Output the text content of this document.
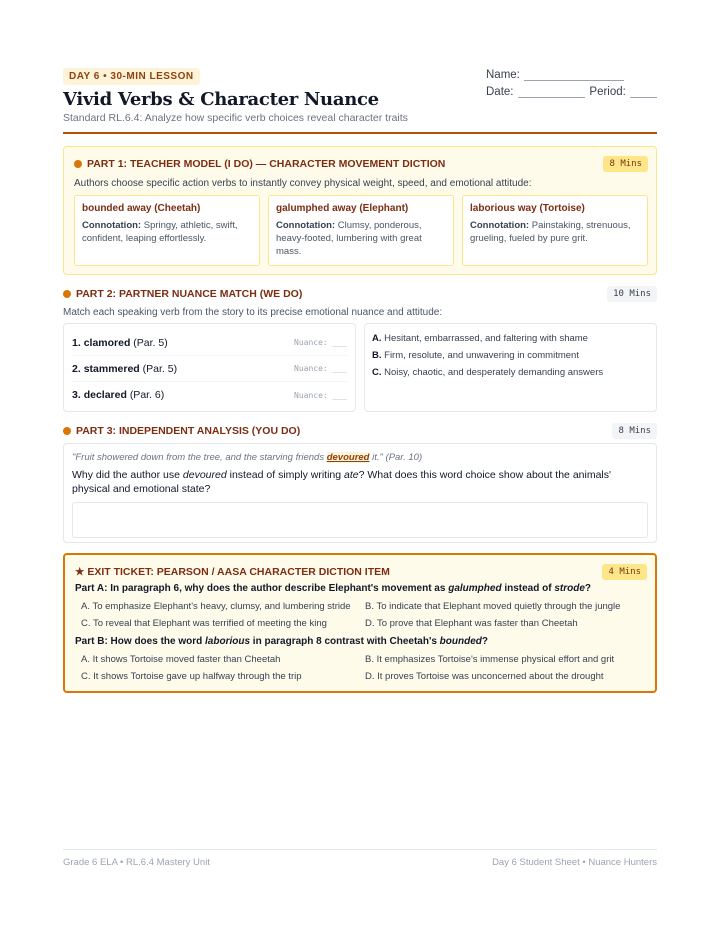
DAY 6 • 30-MIN LESSON
Vivid Verbs & Character Nuance
Standard RL.6.4: Analyze how specific verb choices reveal character traits
Name:
Date:	Period:
PART 1: TEACHER MODEL (I DO) — CHARACTER MOVEMENT DICTION	8 Mins
Authors choose specific action verbs to instantly convey physical weight, speed, and emotional attitude:
bounded away (Cheetah)
Connotation: Springy, athletic, swift, confident, leaping effortlessly.
galumphed away (Elephant)
Connotation: Clumsy, ponderous, heavy-footed, lumbering with great mass.
laborious way (Tortoise)
Connotation: Painstaking, strenuous, grueling, fueled by pure grit.
PART 2: PARTNER NUANCE MATCH (WE DO)	10 Mins
Match each speaking verb from the story to its precise emotional nuance and attitude:
1. clamored (Par. 5)	Nuance: ___
2. stammered (Par. 5)	Nuance: ___
3. declared (Par. 6)	Nuance: ___
A. Hesitant, embarrassed, and faltering with shame
B. Firm, resolute, and unwavering in commitment
C. Noisy, chaotic, and desperately demanding answers
PART 3: INDEPENDENT ANALYSIS (YOU DO)	8 Mins
"Fruit showered down from the tree, and the starving friends devoured it." (Par. 10)
Why did the author use devoured instead of simply writing ate? What does this word choice show about the animals' physical and emotional state?
★ EXIT TICKET: PEARSON / AASA CHARACTER DICTION ITEM	4 Mins
Part A: In paragraph 6, why does the author describe Elephant's movement as galumphed instead of strode?
A. To emphasize Elephant's heavy, clumsy, and lumbering stride	B. To indicate that Elephant moved quietly through the jungle
C. To reveal that Elephant was terrified of meeting the king	D. To prove that Elephant was faster than Cheetah
Part B: How does the word laborious in paragraph 8 contrast with Cheetah's bounded?
A. It shows Tortoise moved faster than Cheetah	B. It emphasizes Tortoise's immense physical effort and grit
C. It shows Tortoise gave up halfway through the trip	D. It proves Tortoise was unconcerned about the drought
Grade 6 ELA • RL.6.4 Mastery Unit	Day 6 Student Sheet • Nuance Hunters
